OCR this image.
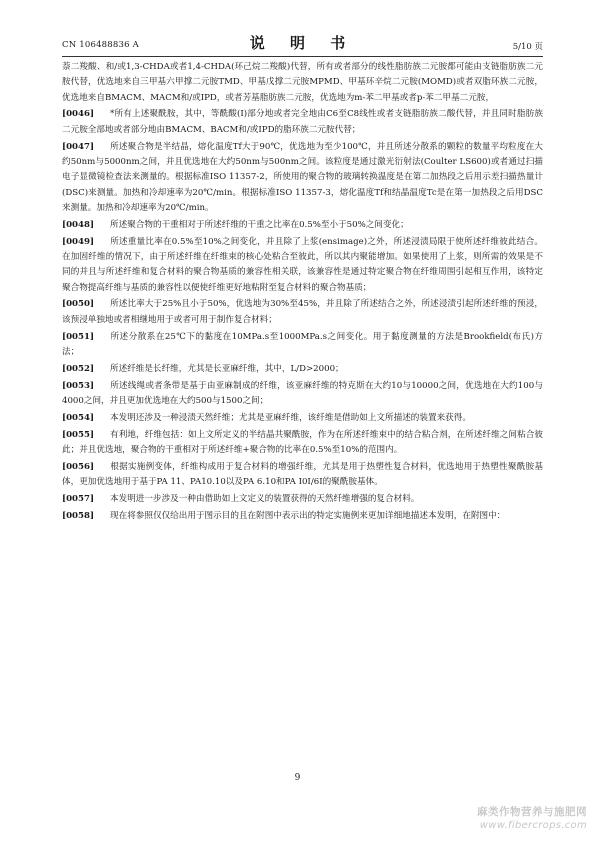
CN 106488836 A	说 明 书	5/10 页

萘二羧酸、和/或1,3-CHDA或者1,4-CHDA(环己烷二羧酸)代替，所有或者部分的线性脂肪族二元胺都可能由支链脂肪族二元胺代替，优选地来自三甲基六甲撑二元胺TMD、甲基戊撑二元胺MPMD、甲基环辛烷二元胺(MOMD)或者双脂环族二元胺，优选地来自BMACM、MACM和/或IPD，或者芳基脂肪族二元胺，优选地为m-苯二甲基或者p-苯二甲基二元胺，

[0046] *所有上述聚酰胺，其中，等酰酸(I)部分地或者完全地由C6至C8线性或者支链脂肪族二酸代替，并且同时脂肪族二元胺全部地或者部分地由BMACM、BACM和/或IPD的脂环族二元胺代替；

[0047] 所述聚合物是半结晶，熔化温度Tf大于90℃，优选地为至少100℃，并且所述分散系的颗粒的数量平均粒度在大约50nm与5000nm之间，并且优选地在大约50nm与500nm之间。该粒度是通过激光衍射法(Coulter LS600)或者通过扫描电子显微镜检查法来测量的。根据标准ISO 11357-2，所使用的聚合物的玻璃转换温度是在第二加热段之后用示差扫描热量计(DSC)来测量。加热和冷却速率为20℃/min。根据标准ISO 11357-3，熔化温度Tf和结晶温度Tc是在第一加热段之后用DSC来测量。加热和冷却速率为20℃/min。

[0048] 所述聚合物的干重相对于所述纤维的干重之比率在0.5%至小于50%之间变化；

[0049] 所述重量比率在0.5%至10%之间变化，并且除了上浆(ensimage)之外，所述浸渍局限于使所述纤维彼此结合。在加固纤维的情况下，由于所述纤维在纤维束的核心处粘合至彼此，所以其内聚能增加。如果使用了上浆，则所需的效果是不同的并且与所述纤维和复合材料的聚合物基质的兼容性相关联，该兼容性是通过特定聚合物在纤维周围引起相互作用，该特定聚合物提高纤维与基质的兼容性以便使纤维更好地粘附至复合材料的聚合物基质；

[0050] 所述比率大于25%且小于50%，优选地为30%至45%，并且除了所述结合之外，所述浸渍引起所述纤维的预浸，该预浸单独地或者相继地用于或者可用于制作复合材料；

[0051] 所述分散系在25℃下的黏度在10MPa.s至1000MPa.s之间变化。用于黏度测量的方法是Brookfield(布氏)方法；

[0052] 所述纤维是长纤维，尤其是长亚麻纤维，其中，L/D>2000；

[0053] 所述线绳或者条带是基于由亚麻制成的纤维，该亚麻纤维的特克斯在大约10与10000之间，优选地在大约100与4000之间，并且更加优选地在大约500与1500之间；

[0054] 本发明还涉及一种浸渍天然纤维；尤其是亚麻纤维，该纤维是借助如上文所描述的装置来获得。

[0055] 有利地，纤维包括：如上文所定义的半结晶共聚酰胺，作为在所述纤维束中的结合粘合剂，在所述纤维之间粘合彼此；并且优选地，聚合物的干重相对于所述纤维+聚合物的比率在0.5%至10%的范围内。

[0056] 根据实施例变体，纤维构成用于复合材料的增强纤维，尤其是用于热塑性复合材料，优选地用于热塑性聚酰胺基体，更加优选地用于基于PA 11、PA10.10以及PA 6.10和PA I0I/6I的聚酰胺基体。

[0057] 本发明进一步涉及一种由借助如上文定义的装置获得的天然纤维增强的复合材料。

[0058] 现在将参照仅仅给出用于图示目的且在附图中表示出的特定实施例来更加详细地描述本发明，在附图中：

9
麻类作物营养与施肥网
www.fibercrops.com
